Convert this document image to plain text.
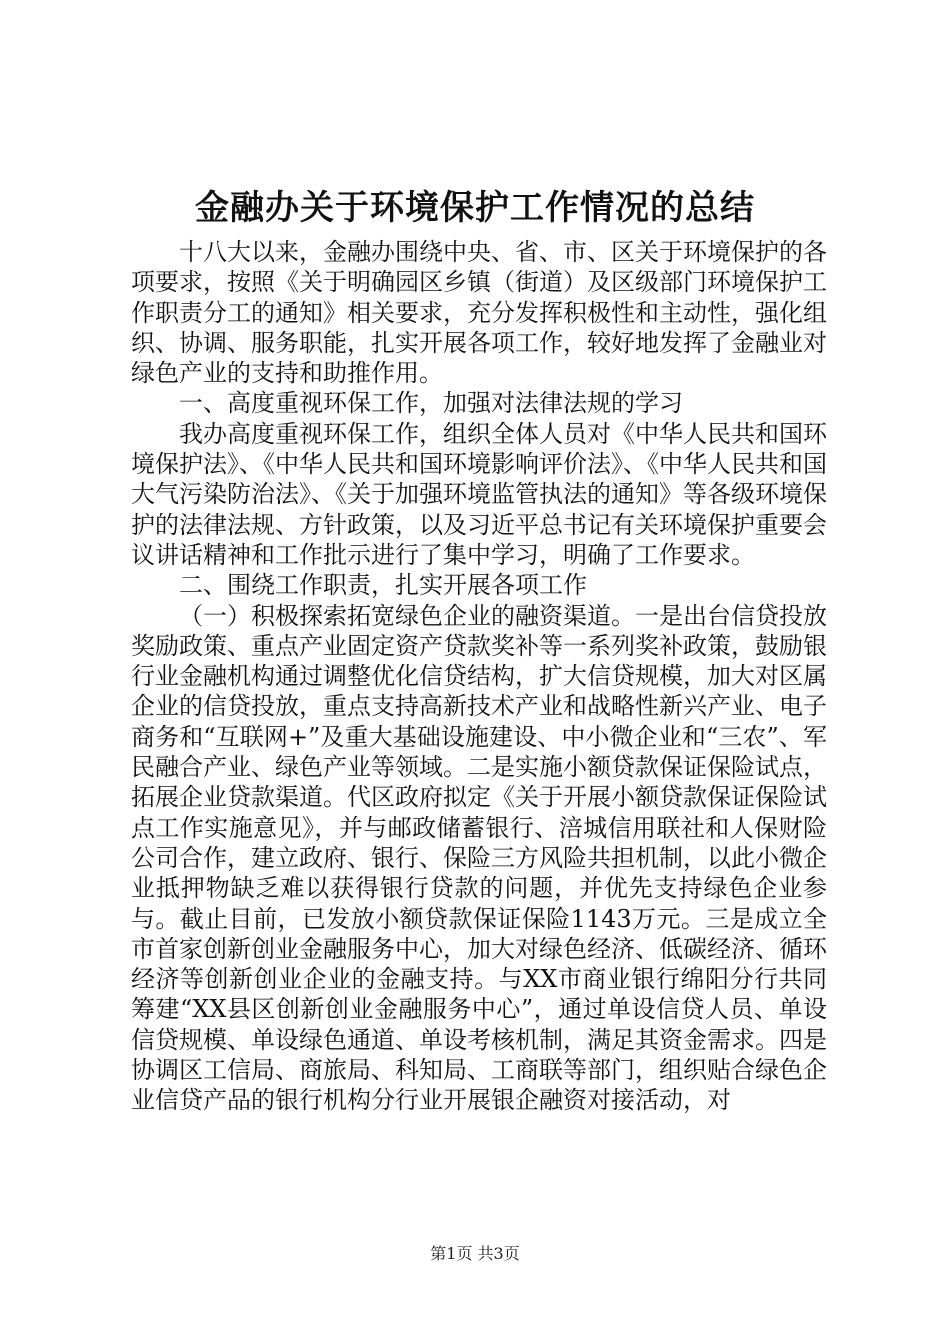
金融办关于环境保护工作情况的总结

十八大以来，金融办围绕中央、省、市、区关于环境保护的各项要求，按照《关于明确园区乡镇（街道）及区级部门环境保护工作职责分工的通知》相关要求，充分发挥积极性和主动性，强化组织、协调、服务职能，扎实开展各项工作，较好地发挥了金融业对绿色产业的支持和助推作用。

一、高度重视环保工作，加强对法律法规的学习

我办高度重视环保工作，组织全体人员对《中华人民共和国环境保护法》、《中华人民共和国环境影响评价法》、《中华人民共和国大气污染防治法》、《关于加强环境监管执法的通知》等各级环境保护的法律法规、方针政策，以及习近平总书记有关环境保护重要会议讲话精神和工作批示进行了集中学习，明确了工作要求。

二、围绕工作职责，扎实开展各项工作

（一）积极探索拓宽绿色企业的融资渠道。一是出台信贷投放奖励政策、重点产业固定资产贷款奖补等一系列奖补政策，鼓励银行业金融机构通过调整优化信贷结构，扩大信贷规模，加大对区属企业的信贷投放，重点支持高新技术产业和战略性新兴产业、电子商务和“互联网+”及重大基础设施建设、中小微企业和“三农”、军民融合产业、绿色产业等领域。二是实施小额贷款保证保险试点，拓展企业贷款渠道。代区政府拟定《关于开展小额贷款保证保险试点工作实施意见》，并与邮政储蓄银行、涪城信用联社和人保财险公司合作，建立政府、银行、保险三方风险共担机制，以此小微企业抵押物缺乏难以获得银行贷款的问题，并优先支持绿色企业参与。截止目前，已发放小额贷款保证保险1143万元。三是成立全市首家创新创业金融服务中心，加大对绿色经济、低碳经济、循环经济等创新创业企业的金融支持。与XX市商业银行绵阳分行共同筹建“XX县区创新创业金融服务中心”，通过单设信贷人员、单设信贷规模、单设绿色通道、单设考核机制，满足其资金需求。四是协调区工信局、商旅局、科知局、工商联等部门，组织贴合绿色企业信贷产品的银行机构分行业开展银企融资对接活动，对

第1页 共3页
